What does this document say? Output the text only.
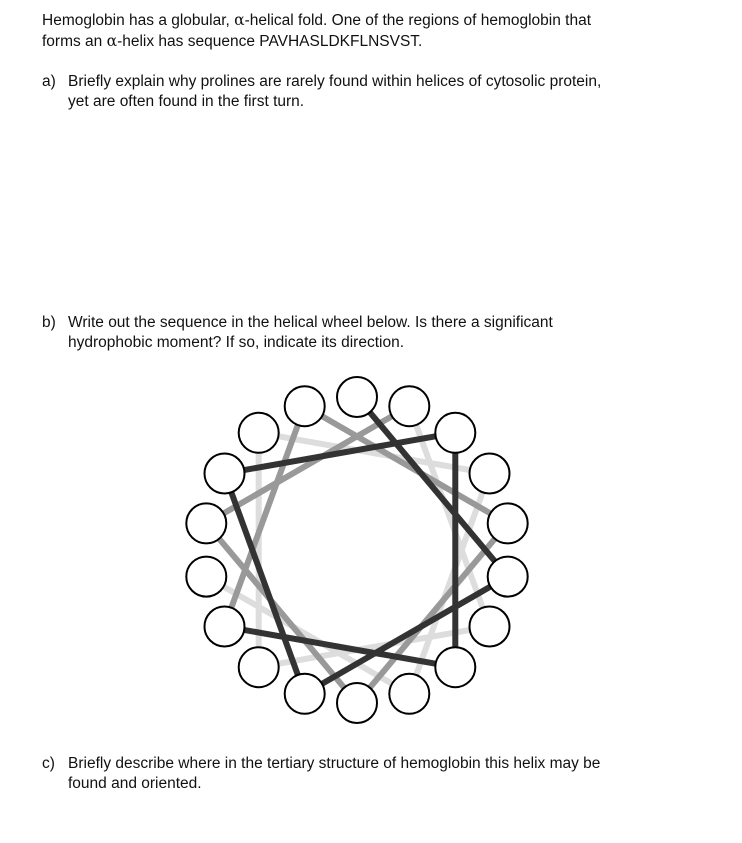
Hemoglobin has a globular, α-helical fold. One of the regions of hemoglobin that
forms an α-helix has sequence PAVHASLDKFLNSVST.
a) Briefly explain why prolines are rarely found within helices of cytosolic protein,
yet are often found in the first turn.
b) Write out the sequence in the helical wheel below. Is there a significant
hydrophobic moment? If so, indicate its direction.
c) Briefly describe where in the tertiary structure of hemoglobin this helix may be
found and oriented.
